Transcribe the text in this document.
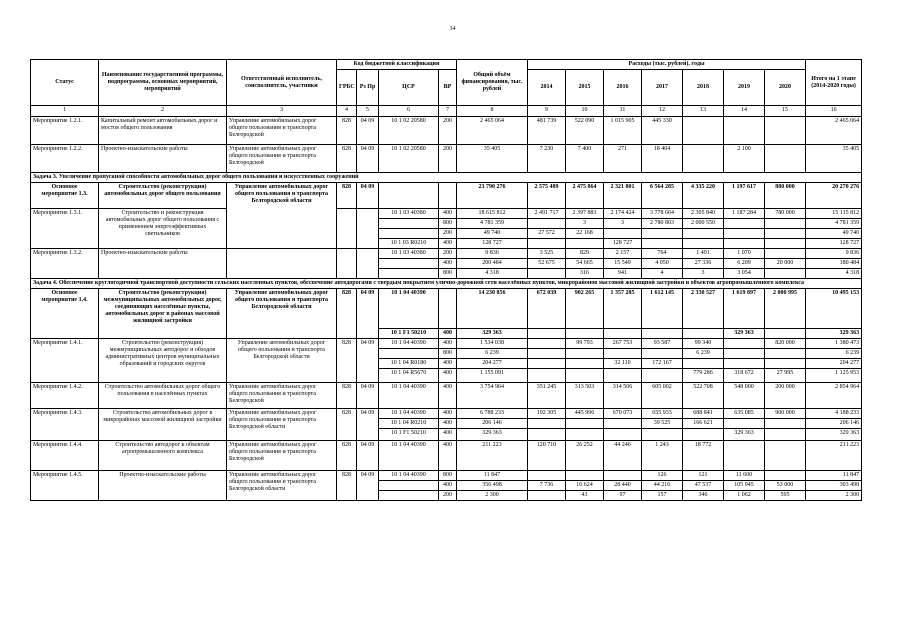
34
Статус	Наименование государственной программы, подпрограммы, основных мероприятий, мероприятий	Ответственный исполнитель, соисполнитель, участники	Код бюджетной классификации				Общий объём финансирования, тыс. рублей	Расходы (тыс. рублей), годы							Итого на 1 этапе (2014-2020 годы)
			ГРБС	Рз Пр	ЦСР	ВР		2014	2015	2016	2017	2018	2019	2020	
1	2	3	4	5	6	7	8	9	10	11	12	13	14	15	16
Мероприятие 1.2.1.	Капитальный ремонт автомобильных дорог и мостов общего пользования	Управление автомобильных дорог общего пользования и транспорта Белгородской	828	04 09	10 1 02 20580	200	2 465 064	481 739	522 090	1 015 905	445 330				2 465 064
Мероприятие 1.2.2.	Проектно-изыскательские работы	Управление автомобильных дорог общего пользования и транспорта Белгородской	828	04 09	10 1 02 20580	200	35 405	7 230	7 400	271	18 404		2 100		35 405
Задача 3. Увеличение пропускной способности автомобильных дорог общего пользования и искусственных сооружений															
Основное мероприятие 1.3.	Строительство (реконструкция) автомобильных дорог общего пользования	Управление автомобильных дорог общего пользования и транспорта Белгородской области	828	04 09			23 790 276	2 575 489	2 475 864	2 321 801	6 564 285	4 335 220	1 197 617	880 000	20 270 276
Мероприятие 1.3.1.	Строительство и реконструкция автомобильных дорог общего пользования с применением энергоэффективных светильников				10 1 03 40380	400	18 615 812	2 491 717	2 397 883	2 174 424	3 778 664	2 305 840	1 187 284	780 000	15 115 812
						800	4 781 359		3	3	2 780 803	2 000 550			4 781 359
						200	49 740	27 572	22 168						49 740
					10 1 03 R0210	400	128 727			128 727					128 727
Мероприятие 1.3.2.	Проектно-изыскательские работы				10 1 03 40380	200	9 836	3 525	829	2 157	764	1 491	1 070		9 836
						400	200 484	52 675	54 665	15 549	4 050	27 336	6 209	20 000	180 484
						800	4 318		316	941	4	3	3 054		4 318
Задача 4. Обеспечение круглогодичной транспортной доступности сельских населенных пунктов, обеспечение автодорогами с твердым покрытием улично-дорожной сети населённых пунктов, микрорайонов массовой жилищной застройки и объектов агропромышленного комплекса															
Основное мероприятие 1.4.	Строительство (реконструкция) межмуниципальных автомобильных дорог, соединяющих населённые пункты, автомобильных дорог в районах массовой жилищной застройки	Управление автомобильных дорог общего пользования и транспорта Белгородской области	828	04 09	10 1 04 40390		14 230 856	672 039	902 265	1 357 285	1 612 145	2 330 527	1 619 897	2 000 995	10 495 153
					10 1 F1 50210	400	329 363						329 363		329 363
Мероприятие 1.4.1.	Строительство (реконструкция) межмуниципальных автодорог и обходов административных центров муниципальных образований и городских округов	Управление автомобильных дорог общего пользования и транспорта Белгородской области	828	04 09	10 1 04 40390	400	1 534 038		99 793	267 753	93 587	99 340		820 000	1 380 473
						800	6 239					6 239			6 239
					10 1 04 R0180	400	204 277			32 110	172 167				204 277
					10 1 04 R5670	400	1 155 091					779 286	318 672	27 995	1 125 953
Мероприятие 1.4.2.	Строительство автомобильных дорог общего пользования в населённых пунктах	Управление автомобильных дорог общего пользования и транспорта Белгородской	828	04 09	10 1 04 40390	400	3 754 964	351 245	313 503	314 506	605 002	522 708	548 000	200 000	2 854 964
Мероприятие 1.4.3.	Строительство автомобильных дорог в микрорайонах массовой жилищной застройки	Управление автомобильных дорог общего пользования и транспорта Белгородской области	828	04 09	10 1 04 40390	400	6 788 233	192 305	445 996	670 073	655 933	688 841	635 085	900 000	4 188 233
					10 1 04 R0210	400	206 146				39 525	166 621			206 146
					10 1 F1 50210	400	329 363						329 363		329 363
Мероприятие 1.4.4.	Строительство автодорог к объектам агропромышленного комплекса	Управление автомобильных дорог общего пользования и транспорта Белгородской	828	04 09	10 1 04 40390	400	211 223	120 710	26 252	44 246	1 243	18 772			211 223
Мероприятие 1.4.5.	Проектно-изыскательские работы	Управление автомобильных дорог общего пользования и транспорта Белгородской области	828	04 09	10 1 04 40390	800	11 847				126	121	11 600		11 847
						400	356 498	7 736	16 624	28 440	44 216	47 537	105 945	53 000	303 498
						200	2 300		43	97	157	346	1 062	595	2 300
